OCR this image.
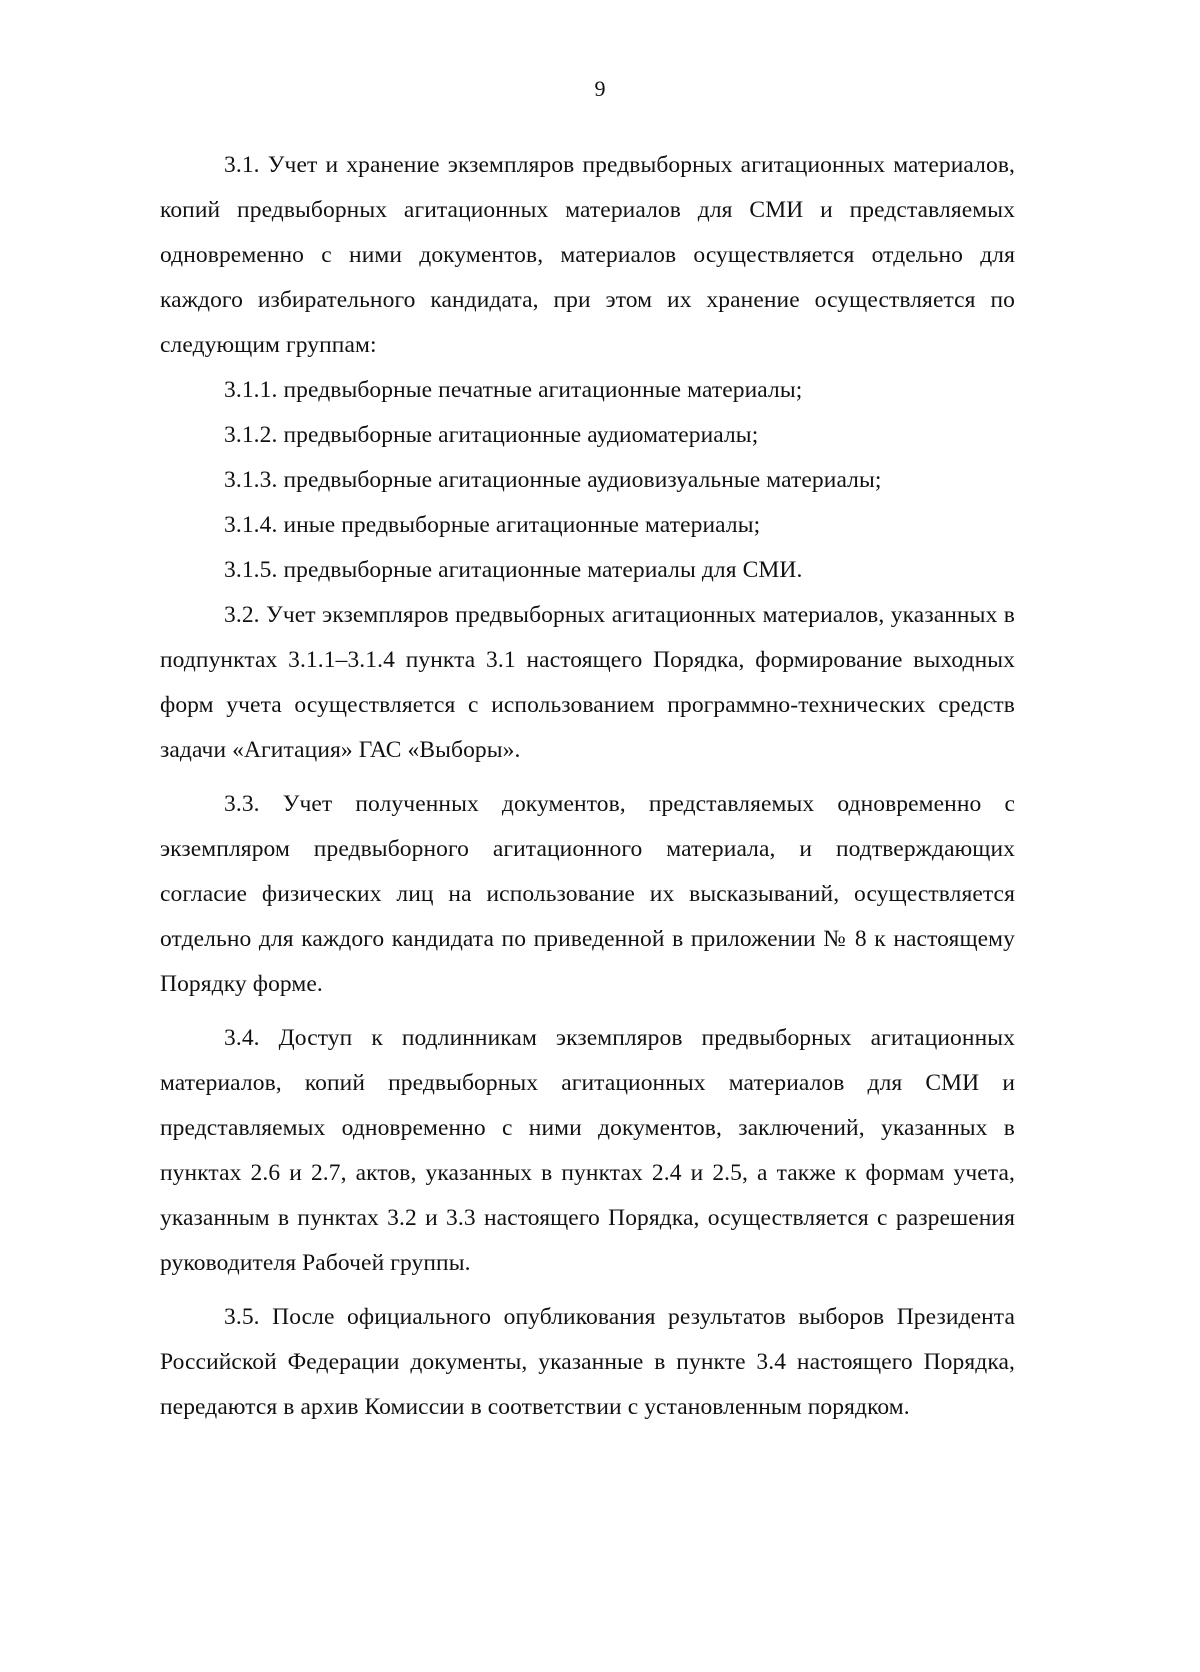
9

3.1. Учет и хранение экземпляров предвыборных агитационных материалов, копий предвыборных агитационных материалов для СМИ и представляемых одновременно с ними документов, материалов осуществляется отдельно для каждого избирательного кандидата, при этом их хранение осуществляется по следующим группам:

3.1.1. предвыборные печатные агитационные материалы;

3.1.2. предвыборные агитационные аудиоматериалы;

3.1.3. предвыборные агитационные аудиовизуальные материалы;

3.1.4. иные предвыборные агитационные материалы;

3.1.5. предвыборные агитационные материалы для СМИ.

3.2. Учет экземпляров предвыборных агитационных материалов, указанных в подпунктах 3.1.1–3.1.4 пункта 3.1 настоящего Порядка, формирование выходных форм учета осуществляется с использованием программно-технических средств задачи «Агитация» ГАС «Выборы».

3.3. Учет полученных документов, представляемых одновременно с экземпляром предвыборного агитационного материала, и подтверждающих согласие физических лиц на использование их высказываний, осуществляется отдельно для каждого кандидата по приведенной в приложении № 8 к настоящему Порядку форме.

3.4. Доступ к подлинникам экземпляров предвыборных агитационных материалов, копий предвыборных агитационных материалов для СМИ и представляемых одновременно с ними документов, заключений, указанных в пунктах 2.6 и 2.7, актов, указанных в пунктах 2.4 и 2.5, а также к формам учета, указанным в пунктах 3.2 и 3.3 настоящего Порядка, осуществляется с разрешения руководителя Рабочей группы.

3.5. После официального опубликования результатов выборов Президента Российской Федерации документы, указанные в пункте 3.4 настоящего Порядка, передаются в архив Комиссии в соответствии с установленным порядком.
